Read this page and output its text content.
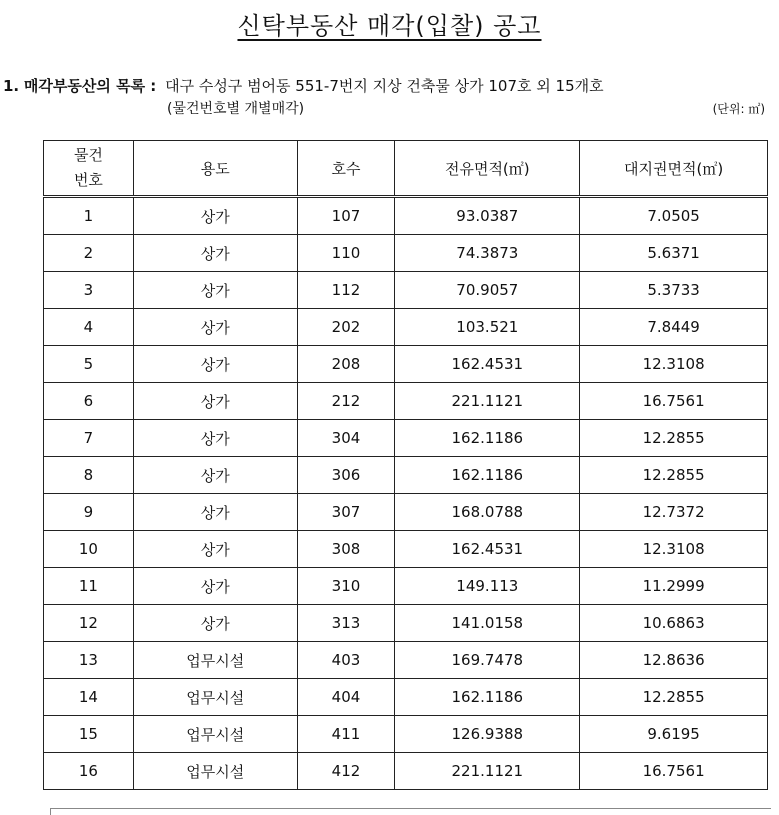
신탁부동산 매각(입찰) 공고
1. 매각부동산의 목록 : 대구 수성구 범어동 551-7번지 지상 건축물 상가 107호 외 15개호
(물건번호별 개별매각)	(단위: ㎡)
물건
번호	용도	호수	전유면적(㎡)	대지권면적(㎡)
1	상가	107	93.0387	7.0505
2	상가	110	74.3873	5.6371
3	상가	112	70.9057	5.3733
4	상가	202	103.521	7.8449
5	상가	208	162.4531	12.3108
6	상가	212	221.1121	16.7561
7	상가	304	162.1186	12.2855
8	상가	306	162.1186	12.2855
9	상가	307	168.0788	12.7372
10	상가	308	162.4531	12.3108
11	상가	310	149.113	11.2999
12	상가	313	141.0158	10.6863
13	업무시설	403	169.7478	12.8636
14	업무시설	404	162.1186	12.2855
15	업무시설	411	126.9388	9.6195
16	업무시설	412	221.1121	16.7561
